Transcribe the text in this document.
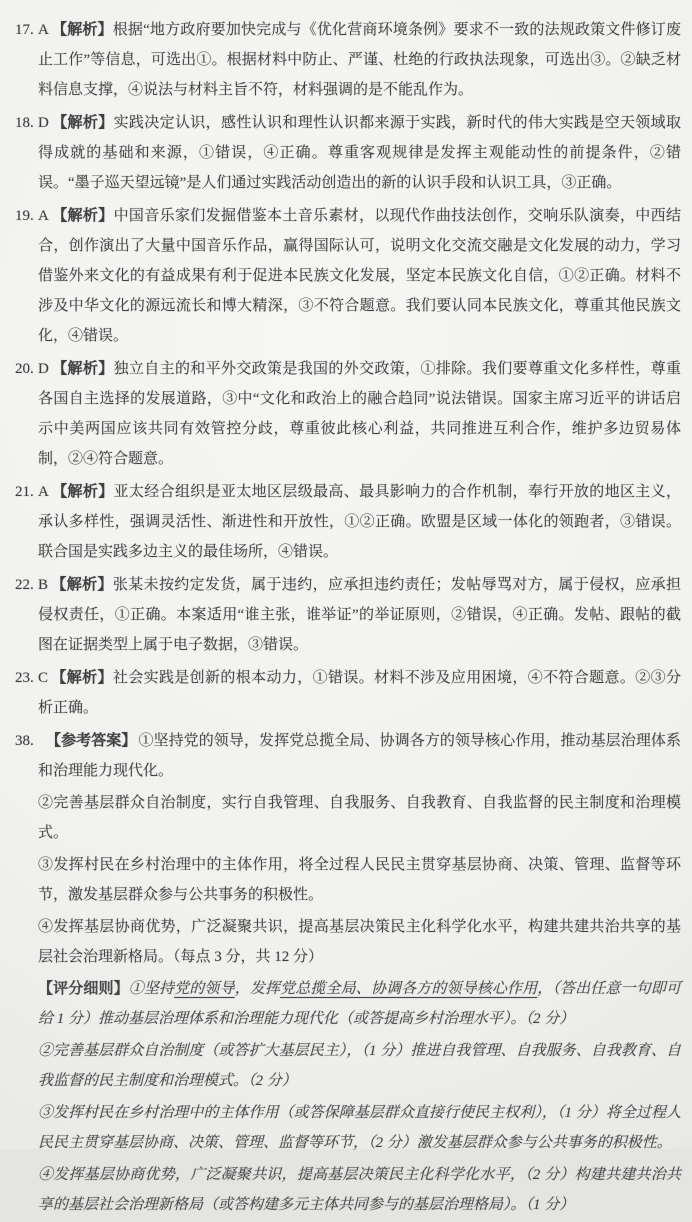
17. A 【解析】根据“地方政府要加快完成与《优化营商环境条例》要求不一致的法规政策文件修订废止工作”等信息，可选出①。根据材料中防止、严谨、杜绝的行政执法现象，可选出③。②缺乏材料信息支撑，④说法与材料主旨不符，材料强调的是不能乱作为。
18. D 【解析】实践决定认识，感性认识和理性认识都来源于实践，新时代的伟大实践是空天领域取得成就的基础和来源，①错误，④正确。尊重客观规律是发挥主观能动性的前提条件，②错误。“墨子巡天望远镜”是人们通过实践活动创造出的新的认识手段和认识工具，③正确。
19. A 【解析】中国音乐家们发掘借鉴本土音乐素材，以现代作曲技法创作，交响乐队演奏，中西结合，创作演出了大量中国音乐作品，赢得国际认可，说明文化交流交融是文化发展的动力，学习借鉴外来文化的有益成果有利于促进本民族文化发展，坚定本民族文化自信，①②正确。材料不涉及中华文化的源远流长和博大精深，③不符合题意。我们要认同本民族文化，尊重其他民族文化，④错误。
20. D 【解析】独立自主的和平外交政策是我国的外交政策，①排除。我们要尊重文化多样性，尊重各国自主选择的发展道路，③中“文化和政治上的融合趋同”说法错误。国家主席习近平的讲话启示中美两国应该共同有效管控分歧，尊重彼此核心利益，共同推进互利合作，维护多边贸易体制，②④符合题意。
21. A 【解析】亚太经合组织是亚太地区层级最高、最具影响力的合作机制，奉行开放的地区主义，承认多样性，强调灵活性、渐进性和开放性，①②正确。欧盟是区域一体化的领跑者，③错误。联合国是实践多边主义的最佳场所，④错误。
22. B 【解析】张某未按约定发货，属于违约，应承担违约责任；发帖辱骂对方，属于侵权，应承担侵权责任，①正确。本案适用“谁主张，谁举证”的举证原则，②错误，④正确。发帖、跟帖的截图在证据类型上属于电子数据，③错误。
23. C 【解析】社会实践是创新的根本动力，①错误。材料不涉及应用困境，④不符合题意。②③分析正确。
38. 【参考答案】 ①坚持党的领导，发挥党总揽全局、协调各方的领导核心作用，推动基层治理体系和治理能力现代化。

②完善基层群众自治制度，实行自我管理、自我服务、自我教育、自我监督的民主制度和治理模式。

③发挥村民在乡村治理中的主体作用，将全过程人民民主贯穿基层协商、决策、管理、监督等环节，激发基层群众参与公共事务的积极性。

④发挥基层协商优势，广泛凝聚共识，提高基层决策民主化科学化水平，构建共建共治共享的基层社会治理新格局。（每点 3 分，共 12 分）

【评分细则】①坚持党的领导，发挥党总揽全局、协调各方的领导核心作用，（答出任意一句即可给 1 分）推动基层治理体系和治理能力现代化（或答提高乡村治理水平）。（2 分）

②完善基层群众自治制度（或答扩大基层民主），（1 分）推进自我管理、自我服务、自我教育、自我监督的民主制度和治理模式。（2 分）

③发挥村民在乡村治理中的主体作用（或答保障基层群众直接行使民主权利），（1 分）将全过程人民民主贯穿基层协商、决策、管理、监督等环节，（2 分）激发基层群众参与公共事务的积极性。

④发挥基层协商优势，广泛凝聚共识，提高基层决策民主化科学化水平，（2 分）构建共建共治共享的基层社会治理新格局（或答构建多元主体共同参与的基层治理格局）。（1 分）
